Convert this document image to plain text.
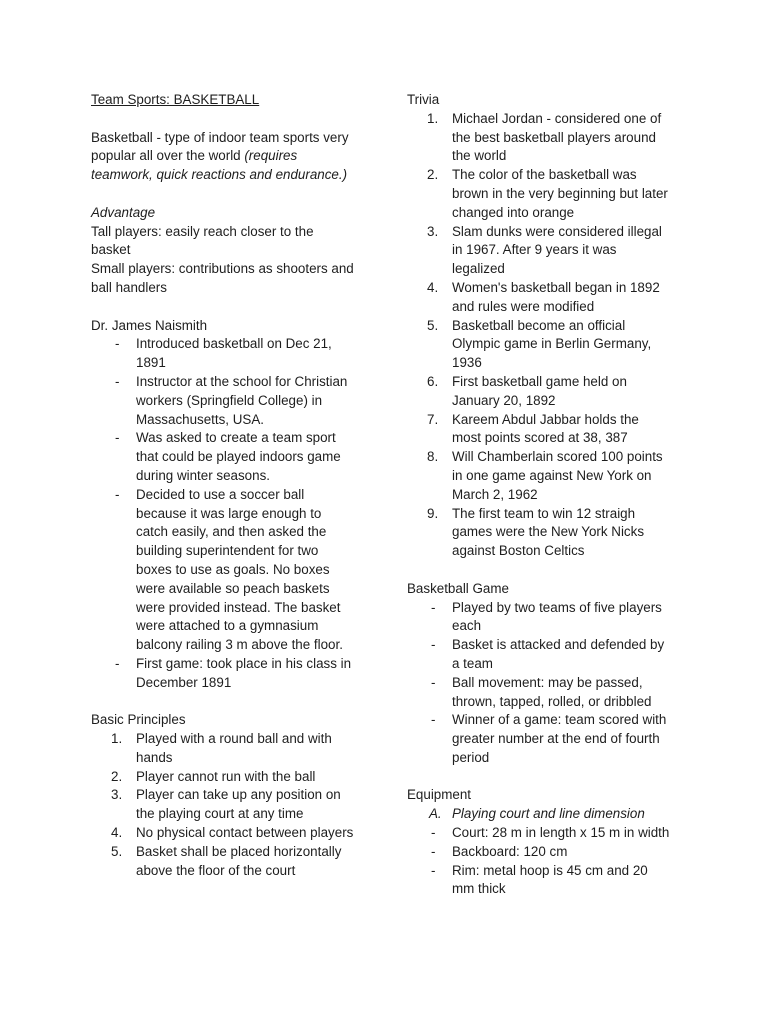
Team Sports: BASKETBALL
Basketball - type of indoor team sports very
popular all over the world (requires
teamwork, quick reactions and endurance.)
Advantage
Tall players: easily reach closer to the
basket
Small players: contributions as shooters and
ball handlers
Dr. James Naismith
- Introduced basketball on Dec 21,
1891
- Instructor at the school for Christian
workers (Springfield College) in
Massachusetts, USA.
- Was asked to create a team sport
that could be played indoors game
during winter seasons.
- Decided to use a soccer ball
because it was large enough to
catch easily, and then asked the
building superintendent for two
boxes to use as goals. No boxes
were available so peach baskets
were provided instead. The basket
were attached to a gymnasium
balcony railing 3 m above the floor.
- First game: took place in his class in
December 1891
Basic Principles
1. Played with a round ball and with
hands
2. Player cannot run with the ball
3. Player can take up any position on
the playing court at any time
4. No physical contact between players
5. Basket shall be placed horizontally
above the floor of the court
Trivia
1. Michael Jordan - considered one of
the best basketball players around
the world
2. The color of the basketball was
brown in the very beginning but later
changed into orange
3. Slam dunks were considered illegal
in 1967. After 9 years it was
legalized
4. Women's basketball began in 1892
and rules were modified
5. Basketball become an official
Olympic game in Berlin Germany,
1936
6. First basketball game held on
January 20, 1892
7. Kareem Abdul Jabbar holds the
most points scored at 38, 387
8. Will Chamberlain scored 100 points
in one game against New York on
March 2, 1962
9. The first team to win 12 straigh
games were the New York Nicks
against Boston Celtics
Basketball Game
- Played by two teams of five players
each
- Basket is attacked and defended by
a team
- Ball movement: may be passed,
thrown, tapped, rolled, or dribbled
- Winner of a game: team scored with
greater number at the end of fourth
period
Equipment
A. Playing court and line dimension
- Court: 28 m in length x 15 m in width
- Backboard: 120 cm
- Rim: metal hoop is 45 cm and 20
mm thick
